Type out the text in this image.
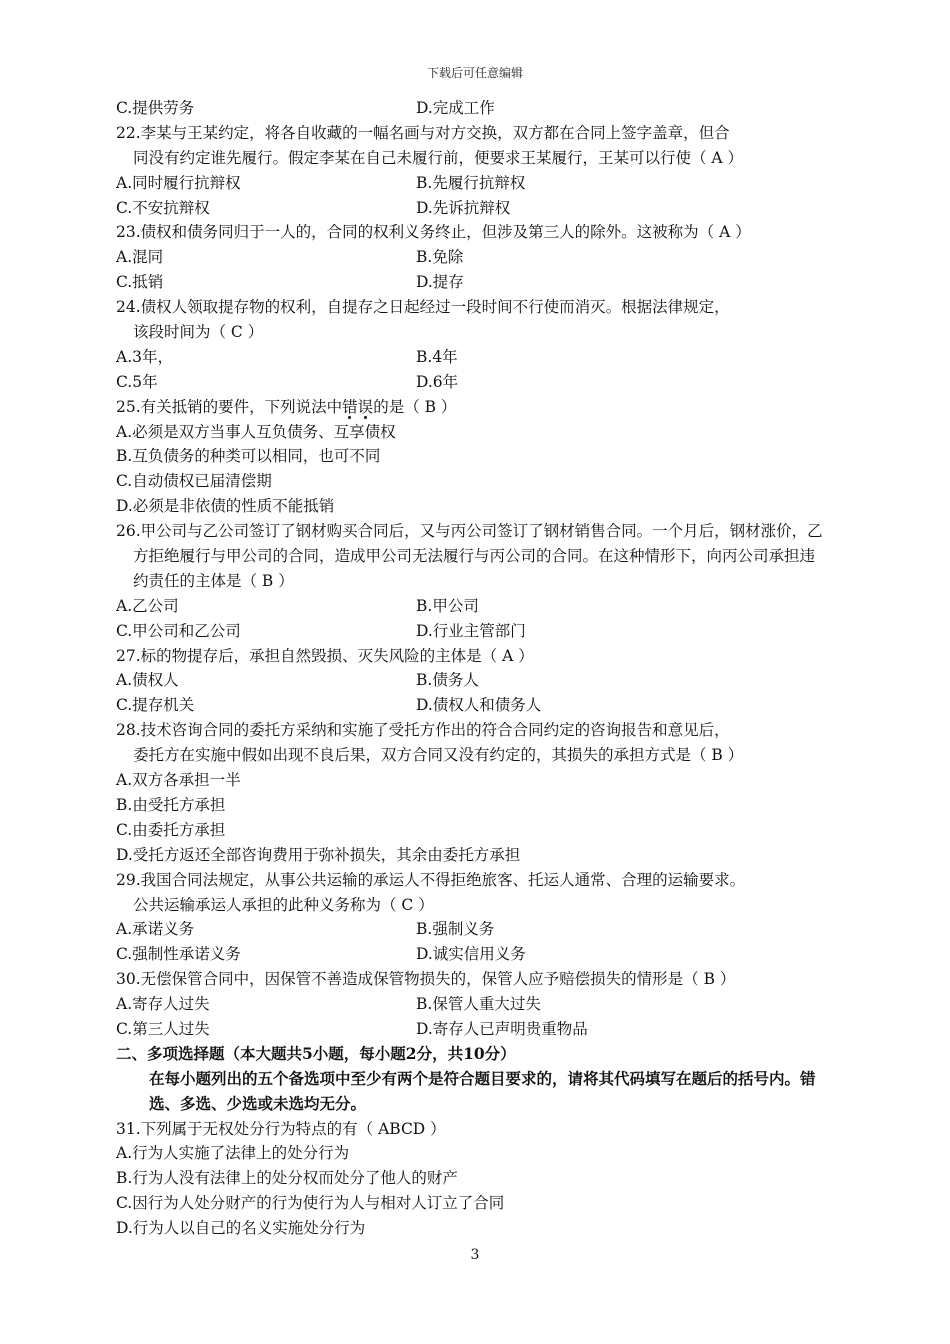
下载后可任意编辑
C.提供劳务	D.完成工作
22.李某与王某约定，将各自收藏的一幅名画与对方交换，双方都在合同上签字盖章，但合
同没有约定谁先履行。假定李某在自己未履行前，便要求王某履行，王某可以行使（ A ）
A.同时履行抗辩权	B.先履行抗辩权
C.不安抗辩权	D.先诉抗辩权
23.债权和债务同归于一人的，合同的权利义务终止，但涉及第三人的除外。这被称为（ A ）
A.混同	B.免除
C.抵销	D.提存
24.债权人领取提存物的权利，自提存之日起经过一段时间不行使而消灭。根据法律规定，
该段时间为（ C ）
A.3年，	B.4年
C.5年	D.6年
25.有关抵销的要件，下列说法中错误的是（ B ）
A.必须是双方当事人互负债务、互享债权
B.互负债务的种类可以相同，也可不同
C.自动债权已届清偿期
D.必须是非依债的性质不能抵销
26.甲公司与乙公司签订了钢材购买合同后，又与丙公司签订了钢材销售合同。一个月后，钢材涨价，乙
方拒绝履行与甲公司的合同，造成甲公司无法履行与丙公司的合同。在这种情形下，向丙公司承担违
约责任的主体是（ B ）
A.乙公司	B.甲公司
C.甲公司和乙公司	D.行业主管部门
27.标的物提存后，承担自然毁损、灭失风险的主体是（ A ）
A.债权人	B.债务人
C.提存机关	D.债权人和债务人
28.技术咨询合同的委托方采纳和实施了受托方作出的符合合同约定的咨询报告和意见后，
委托方在实施中假如出现不良后果，双方合同又没有约定的，其损失的承担方式是（ B ）
A.双方各承担一半
B.由受托方承担
C.由委托方承担
D.受托方返还全部咨询费用于弥补损失，其余由委托方承担
29.我国合同法规定，从事公共运输的承运人不得拒绝旅客、托运人通常、合理的运输要求。
公共运输承运人承担的此种义务称为（ C ）
A.承诺义务	B.强制义务
C.强制性承诺义务	D.诚实信用义务
30.无偿保管合同中，因保管不善造成保管物损失的，保管人应予赔偿损失的情形是（ B ）
A.寄存人过失	B.保管人重大过失
C.第三人过失	D.寄存人已声明贵重物品
二、多项选择题（本大题共5小题，每小题2分，共10分）
在每小题列出的五个备选项中至少有两个是符合题目要求的，请将其代码填写在题后的括号内。错
选、多选、少选或未选均无分。
31.下列属于无权处分行为特点的有（ ABCD ）
A.行为人实施了法律上的处分行为
B.行为人没有法律上的处分权而处分了他人的财产
C.因行为人处分财产的行为使行为人与相对人订立了合同
D.行为人以自己的名义实施处分行为
3
